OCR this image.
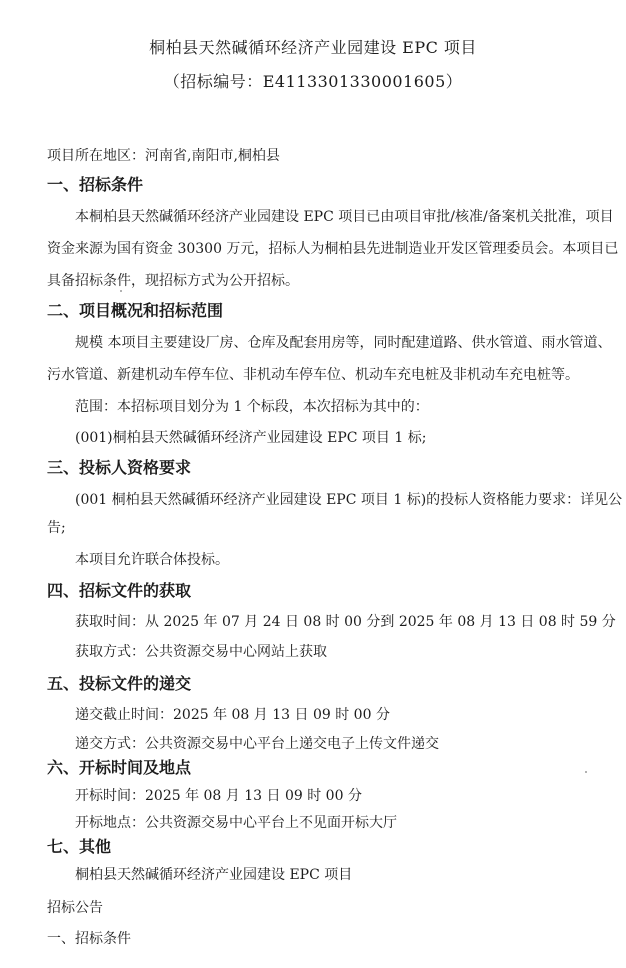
桐柏县天然碱循环经济产业园建设 EPC 项目
（招标编号：E4113301330001605）
项目所在地区：河南省,南阳市,桐柏县
一、招标条件
本桐柏县天然碱循环经济产业园建设 EPC 项目已由项目审批/核准/备案机关批准，项目
资金来源为国有资金 30300 万元，招标人为桐柏县先进制造业开发区管理委员会。本项目已
具备招标条件，现招标方式为公开招标。
二、项目概况和招标范围
规模 本项目主要建设厂房、仓库及配套用房等，同时配建道路、供水管道、雨水管道、
污水管道、新建机动车停车位、非机动车停车位、机动车充电桩及非机动车充电桩等。
范围：本招标项目划分为 1 个标段，本次招标为其中的：
(001)桐柏县天然碱循环经济产业园建设 EPC 项目 1 标;
三、投标人资格要求
(001 桐柏县天然碱循环经济产业园建设 EPC 项目 1 标)的投标人资格能力要求：详见公
告;
本项目允许联合体投标。
四、招标文件的获取
获取时间：从 2025 年 07 月 24 日 08 时 00 分到 2025 年 08 月 13 日 08 时 59 分
获取方式：公共资源交易中心网站上获取
五、投标文件的递交
递交截止时间：2025 年 08 月 13 日 09 时 00 分
递交方式：公共资源交易中心平台上递交电子上传文件递交
六、开标时间及地点
开标时间：2025 年 08 月 13 日 09 时 00 分
开标地点：公共资源交易中心平台上不见面开标大厅
七、其他
桐柏县天然碱循环经济产业园建设 EPC 项目
招标公告
一、招标条件
